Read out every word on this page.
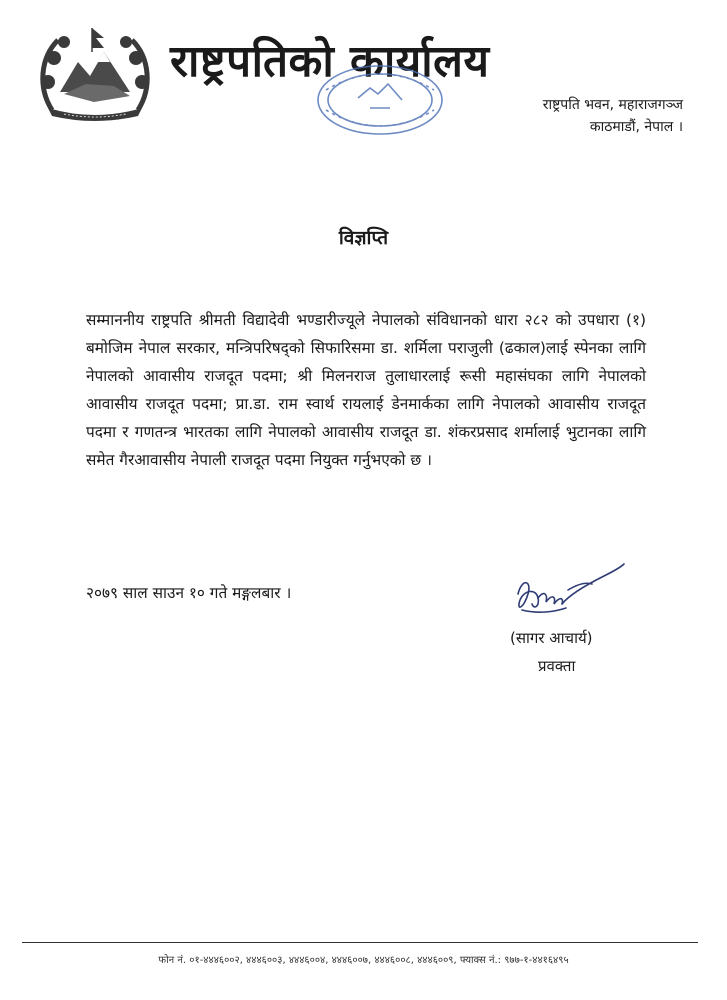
राष्ट्रपतिको कार्यालय
राष्ट्रपति भवन, महाराजगञ्ज
काठमाडौं, नेपाल ।
विज्ञप्ति

सम्माननीय राष्ट्रपति श्रीमती विद्यादेवी भण्डारीज्यूले नेपालको संविधानको धारा २८२ को उपधारा (१) बमोजिम नेपाल सरकार, मन्त्रिपरिषद्को सिफारिसमा डा. शर्मिला पराजुली (ढकाल)लाई स्पेनका लागि नेपालको आवासीय राजदूत पदमा; श्री मिलनराज तुलाधारलाई रूसी महासंघका लागि नेपालको आवासीय राजदूत पदमा; प्रा.डा. राम स्वार्थ रायलाई डेनमार्कका लागि नेपालको आवासीय राजदूत पदमा र गणतन्त्र भारतका लागि नेपालको आवासीय राजदूत डा. शंकरप्रसाद शर्मालाई भुटानका लागि समेत गैरआवासीय नेपाली राजदूत पदमा नियुक्त गर्नुभएको छ ।

२०७९ साल साउन १० गते मङ्गलबार ।
(सागर आचार्य)
प्रवक्ता
फोन नं. ०१-४४४६००२, ४४४६००३, ४४४६००४, ४४४६००७, ४४४६००८, ४४४६००९, फ्याक्स नं.: ९७७-१-४४१६४९५
